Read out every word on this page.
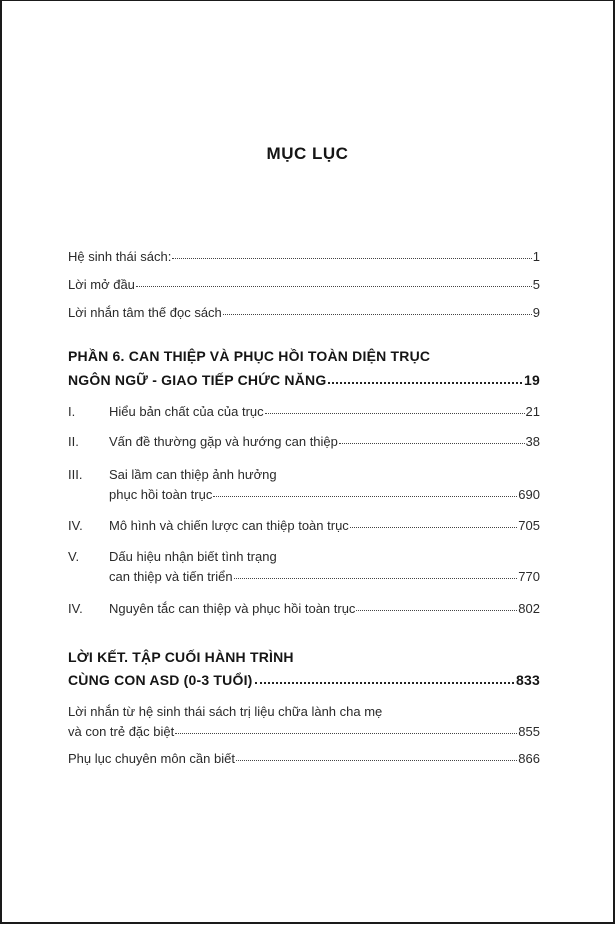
MỤC LỤC
Hệ sinh thái sách:	1
Lời mở đầu	5
Lời nhắn tâm thế đọc sách	9
PHẦN 6. CAN THIỆP VÀ PHỤC HỒI TOÀN DIỆN TRỤC
NGÔN NGỮ - GIAO TIẾP CHỨC NĂNG	19
I.	Hiểu bản chất của của trục	21
II. Vấn đề thường gặp và hướng can thiệp	38
III. Sai lầm can thiệp ảnh hưởng
phục hồi toàn trục	690
IV. Mô hình và chiến lược can thiệp toàn trục	705
V. Dấu hiệu nhận biết tình trạng
can thiệp và tiến triển	770
IV. Nguyên tắc can thiệp và phục hồi toàn trục	802
LỜI KẾT. TẬP CUỐI HÀNH TRÌNH
CÙNG CON ASD (0-3 TUỔI)	833
Lời nhắn từ hệ sinh thái sách trị liệu chữa lành cha mẹ
và con trẻ đặc biệt	855
Phụ lục chuyên môn cần biết	866
